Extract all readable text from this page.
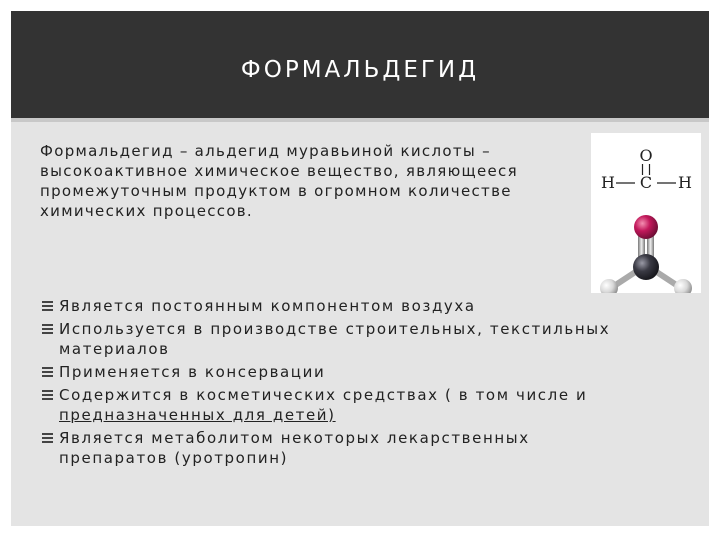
ФОРМАЛЬДЕГИД
Формальдегид – альдегид муравьиной кислоты –
высокоактивное химическое вещество, являющееся
промежуточным продуктом в огромном количестве
химических процессов.
O
H C H
Является постоянным компонентом воздуха
Используется в производстве строительных, текстильных
материалов
Применяется в консервации
Содержится в косметических средствах ( в том числе и
предназначенных для детей)
Является метаболитом некоторых лекарственных
препаратов (уротропин)
